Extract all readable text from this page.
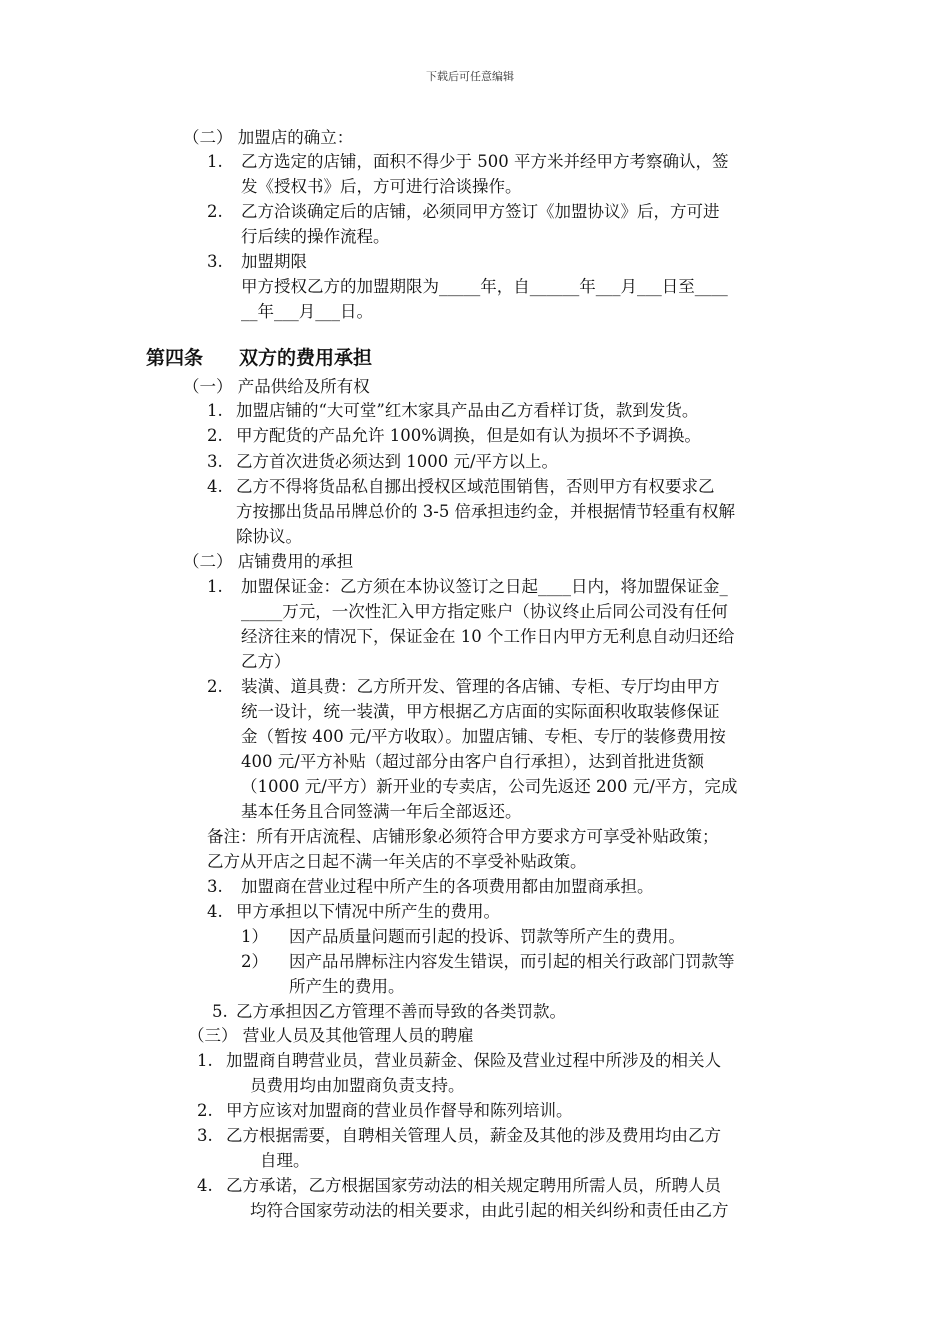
下载后可任意编辑
（二） 加盟店的确立：
1. 乙方选定的店铺，面积不得少于 500 平方米并经甲方考察确认，签
发《授权书》后，方可进行洽谈操作。
2. 乙方洽谈确定后的店铺，必须同甲方签订《加盟协议》后，方可进
行后续的操作流程。
3. 加盟期限
甲方授权乙方的加盟期限为_____年，自______年___月___日至____
__年___月___日。
第四条 双方的费用承担
（一） 产品供给及所有权
1. 加盟店铺的“大可堂”红木家具产品由乙方看样订货，款到发货。
2. 甲方配货的产品允许 100%调换，但是如有认为损坏不予调换。
3. 乙方首次进货必须达到 1000 元/平方以上。
4. 乙方不得将货品私自挪出授权区域范围销售，否则甲方有权要求乙
方按挪出货品吊牌总价的 3-5 倍承担违约金，并根据情节轻重有权解
除协议。
（二） 店铺费用的承担
1. 加盟保证金：乙方须在本协议签订之日起____日内，将加盟保证金_
_____万元，一次性汇入甲方指定账户（协议终止后同公司没有任何
经济往来的情况下，保证金在 10 个工作日内甲方无利息自动归还给
乙方）
2. 装潢、道具费：乙方所开发、管理的各店铺、专柜、专厅均由甲方
统一设计，统一装潢，甲方根据乙方店面的实际面积收取装修保证
金（暂按 400 元/平方收取）。加盟店铺、专柜、专厅的装修费用按
400 元/平方补贴（超过部分由客户自行承担），达到首批进货额
（1000 元/平方）新开业的专卖店，公司先返还 200 元/平方，完成
基本任务且合同签满一年后全部返还。
备注：所有开店流程、店铺形象必须符合甲方要求方可享受补贴政策；
乙方从开店之日起不满一年关店的不享受补贴政策。
3. 加盟商在营业过程中所产生的各项费用都由加盟商承担。
4. 甲方承担以下情况中所产生的费用。
1） 因产品质量问题而引起的投诉、罚款等所产生的费用。
2） 因产品吊牌标注内容发生错误，而引起的相关行政部门罚款等
所产生的费用。
5. 乙方承担因乙方管理不善而导致的各类罚款。
（三） 营业人员及其他管理人员的聘雇
1. 加盟商自聘营业员，营业员薪金、保险及营业过程中所涉及的相关人
员费用均由加盟商负责支持。
2. 甲方应该对加盟商的营业员作督导和陈列培训。
3. 乙方根据需要，自聘相关管理人员，薪金及其他的涉及费用均由乙方
自理。
4. 乙方承诺，乙方根据国家劳动法的相关规定聘用所需人员，所聘人员
均符合国家劳动法的相关要求，由此引起的相关纠纷和责任由乙方
